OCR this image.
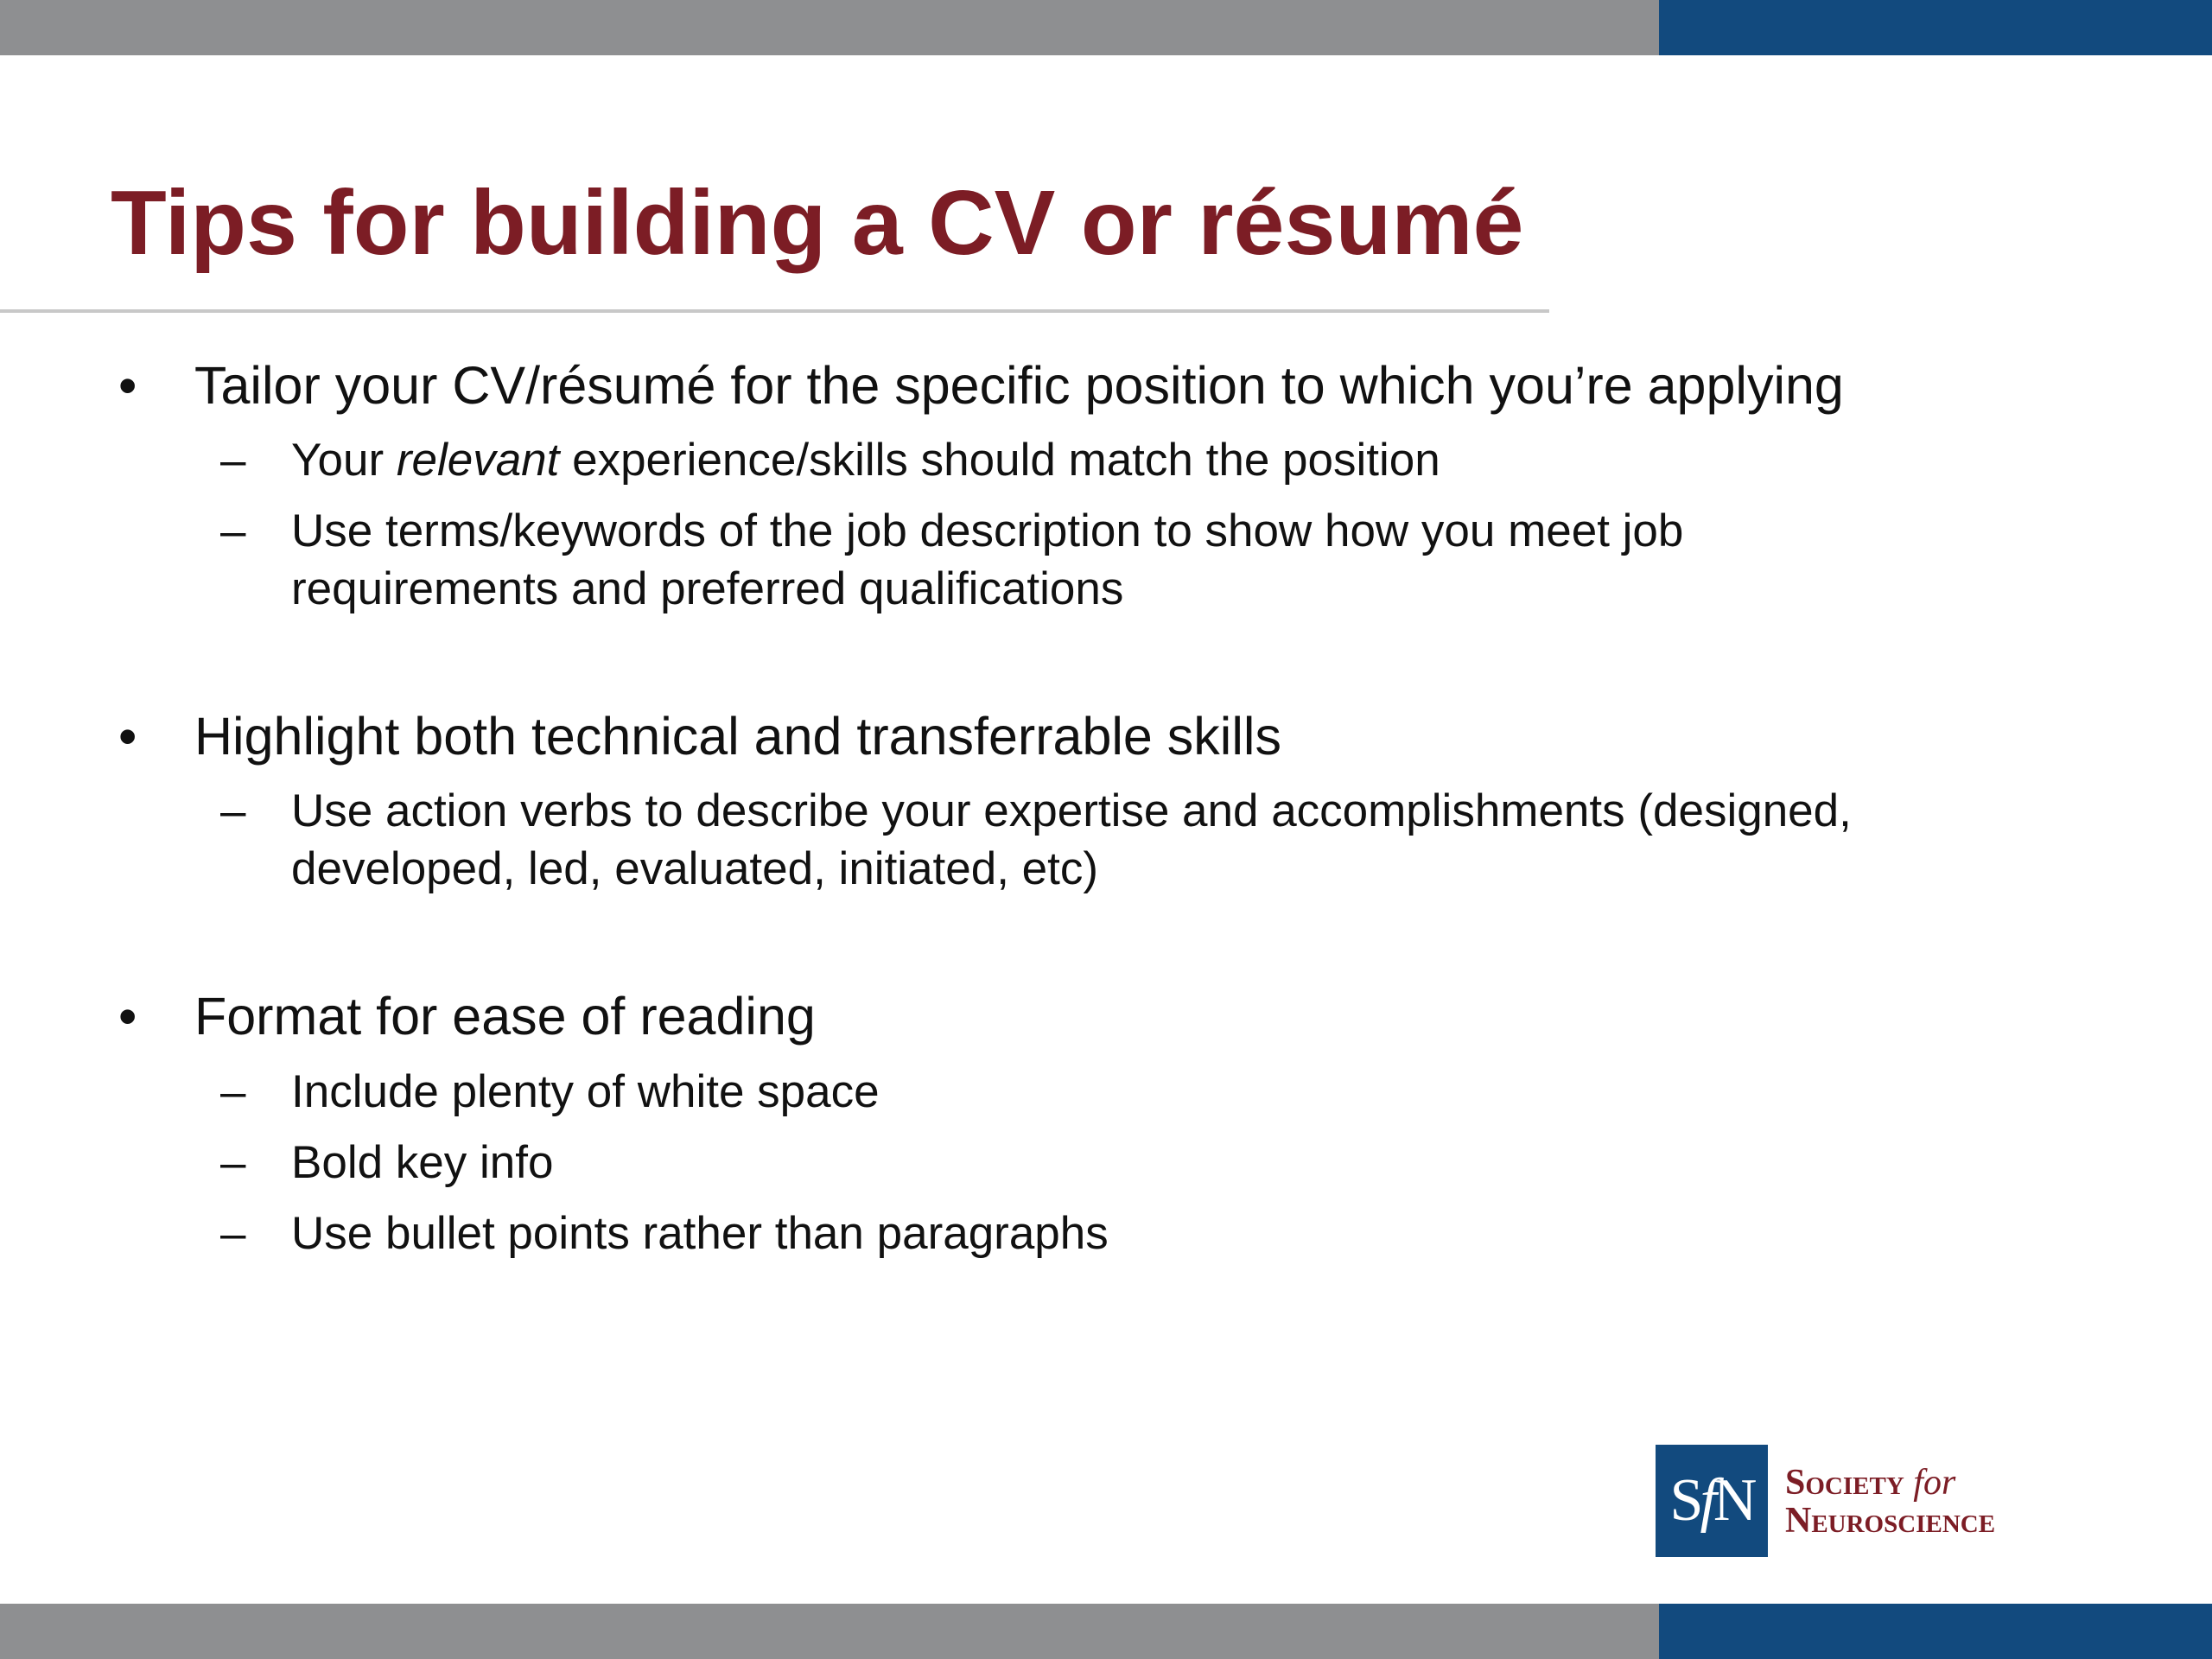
Tips for building a CV or résumé
• Tailor your CV/résumé for the specific position to which you’re applying
– Your relevant experience/skills should match the position
– Use terms/keywords of the job description to show how you meet job
requirements and preferred qualifications
• Highlight both technical and transferrable skills
– Use action verbs to describe your expertise and accomplishments (designed,
developed, led, evaluated, initiated, etc)
• Format for ease of reading
– Include plenty of white space
– Bold key info
– Use bullet points rather than paragraphs
SfN Society for
Neuroscience
